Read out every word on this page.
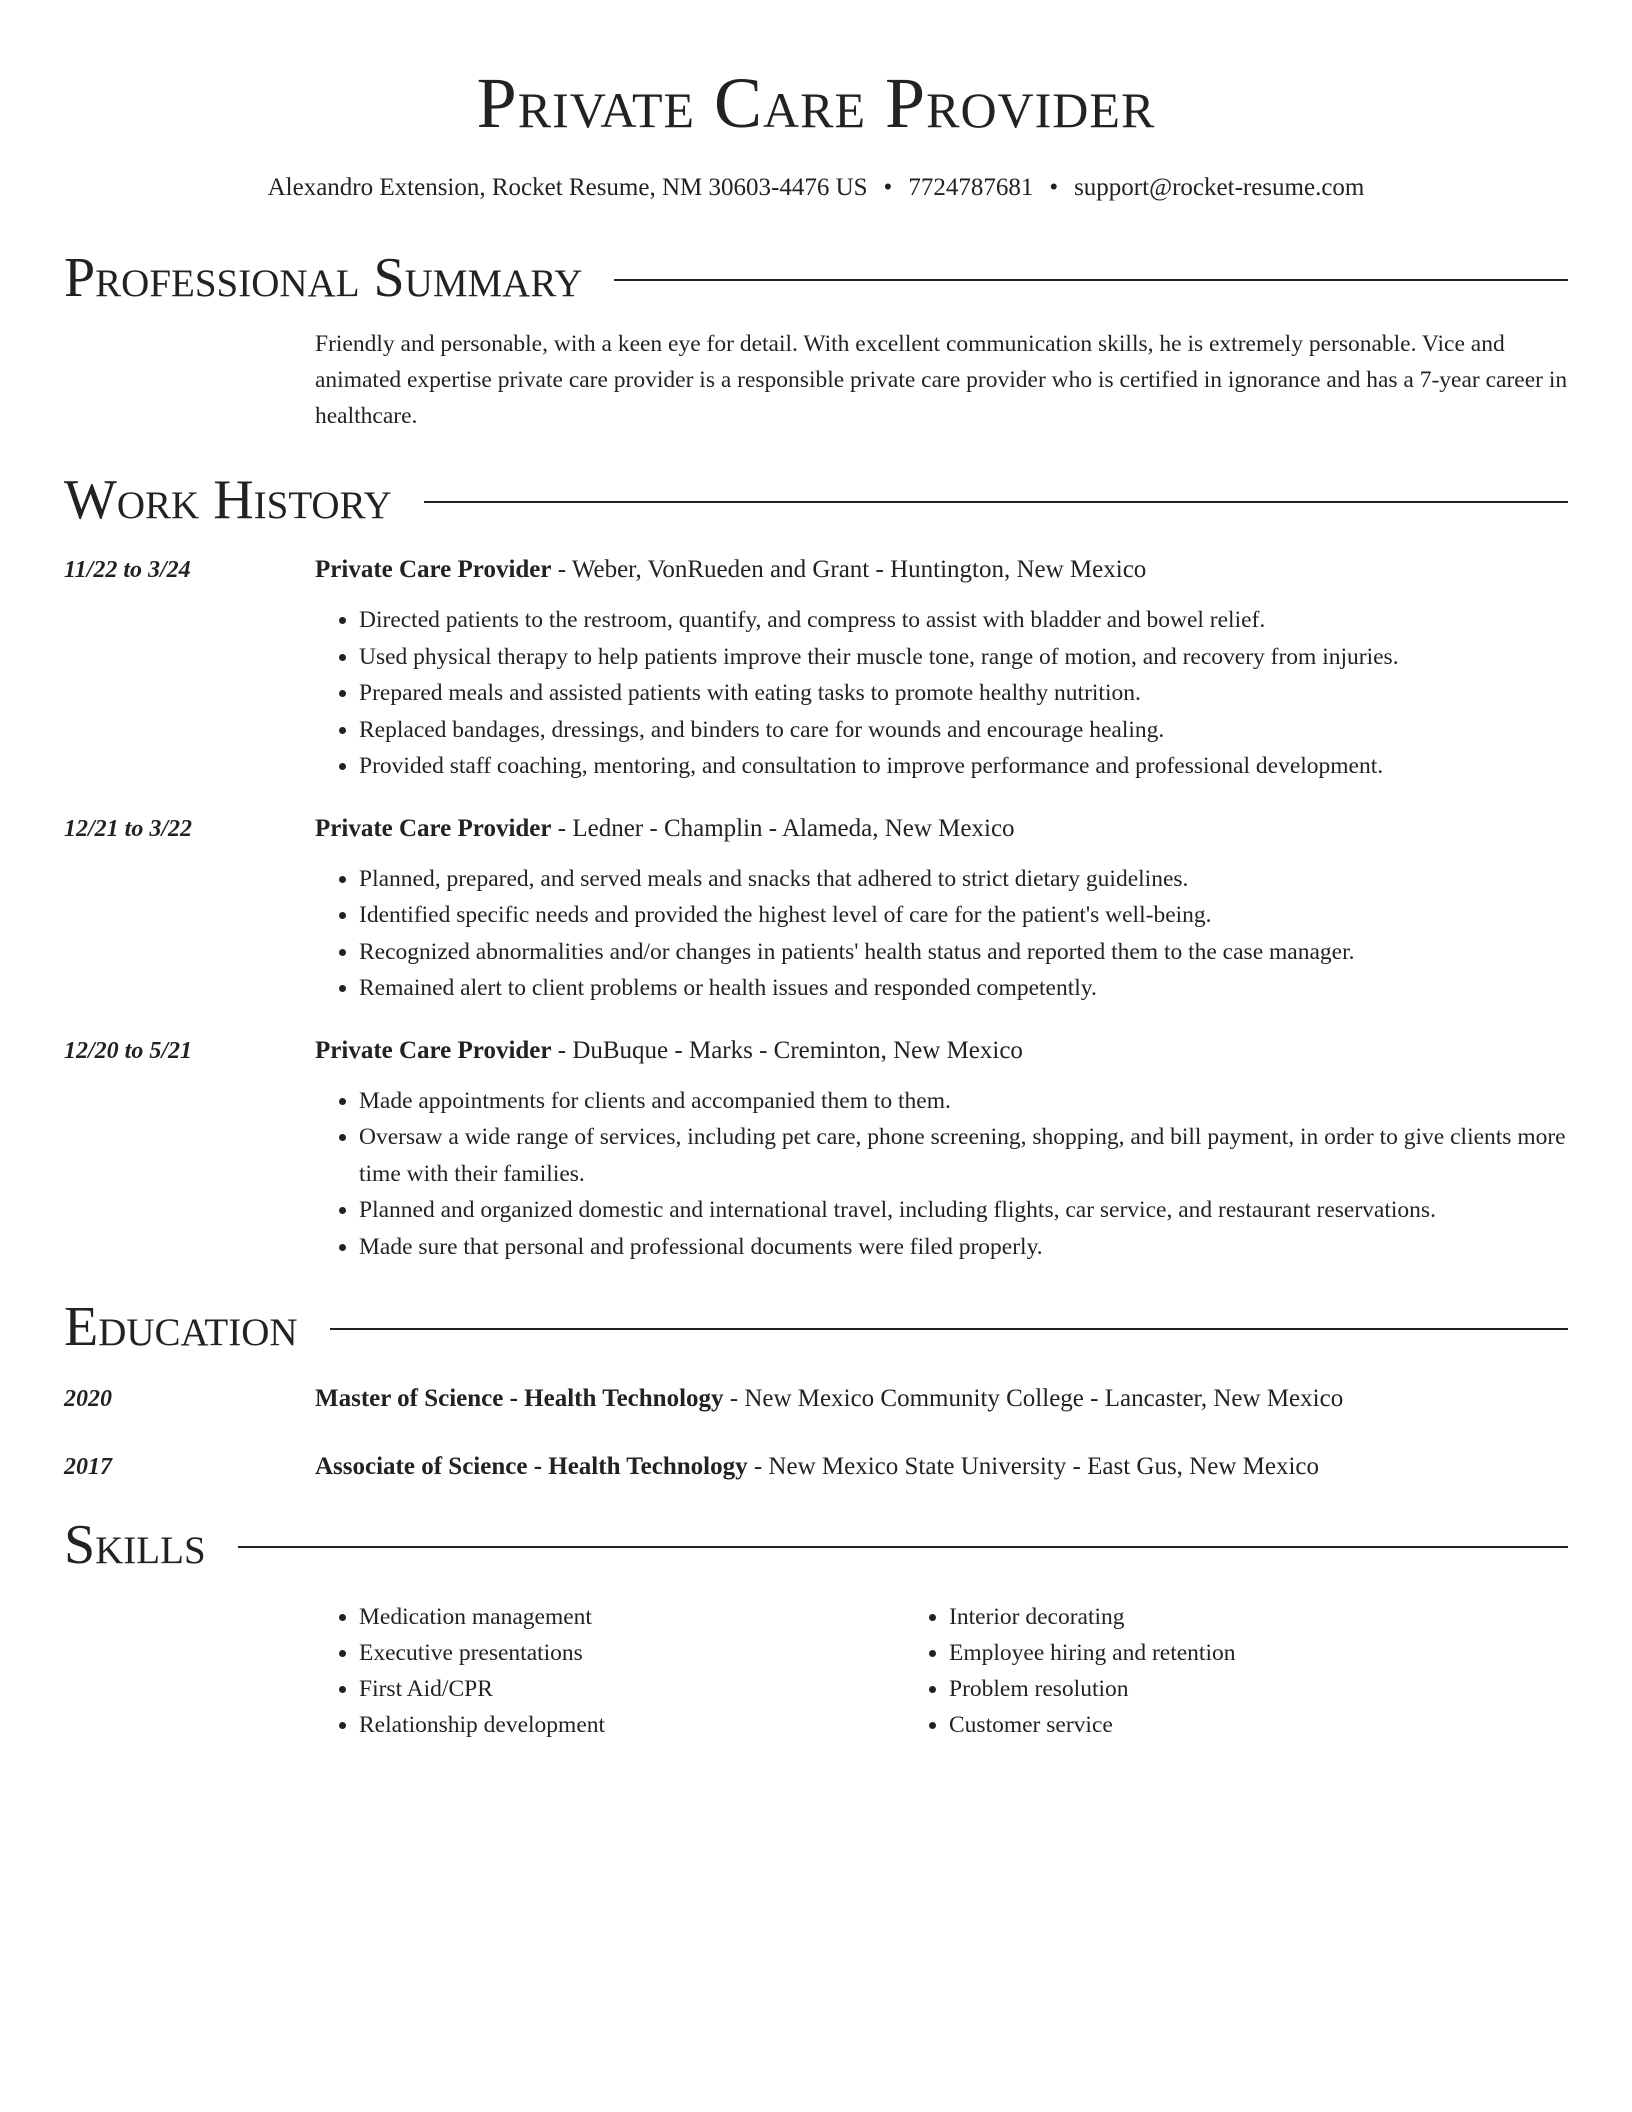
Private Care Provider
Alexandro Extension, Rocket Resume, NM 30603-4476 US • 7724787681 • support@rocket-resume.com
Professional Summary
Friendly and personable, with a keen eye for detail. With excellent communication skills, he is extremely personable. Vice and animated expertise private care provider is a responsible private care provider who is certified in ignorance and has a 7-year career in healthcare.
Work History
11/22 to 3/24	Private Care Provider - Weber, VonRueden and Grant - Huntington, New Mexico
• Directed patients to the restroom, quantify, and compress to assist with bladder and bowel relief.
• Used physical therapy to help patients improve their muscle tone, range of motion, and recovery from injuries.
• Prepared meals and assisted patients with eating tasks to promote healthy nutrition.
• Replaced bandages, dressings, and binders to care for wounds and encourage healing.
• Provided staff coaching, mentoring, and consultation to improve performance and professional development.
12/21 to 3/22	Private Care Provider - Ledner - Champlin - Alameda, New Mexico
• Planned, prepared, and served meals and snacks that adhered to strict dietary guidelines.
• Identified specific needs and provided the highest level of care for the patient's well-being.
• Recognized abnormalities and/or changes in patients' health status and reported them to the case manager.
• Remained alert to client problems or health issues and responded competently.
12/20 to 5/21	Private Care Provider - DuBuque - Marks - Creminton, New Mexico
• Made appointments for clients and accompanied them to them.
• Oversaw a wide range of services, including pet care, phone screening, shopping, and bill payment, in order to give clients more time with their families.
• Planned and organized domestic and international travel, including flights, car service, and restaurant reservations.
• Made sure that personal and professional documents were filed properly.
Education
2020	Master of Science - Health Technology - New Mexico Community College - Lancaster, New Mexico
2017	Associate of Science - Health Technology - New Mexico State University - East Gus, New Mexico
Skills
• Medication management
• Executive presentations
• First Aid/CPR
• Relationship development
• Interior decorating
• Employee hiring and retention
• Problem resolution
• Customer service
